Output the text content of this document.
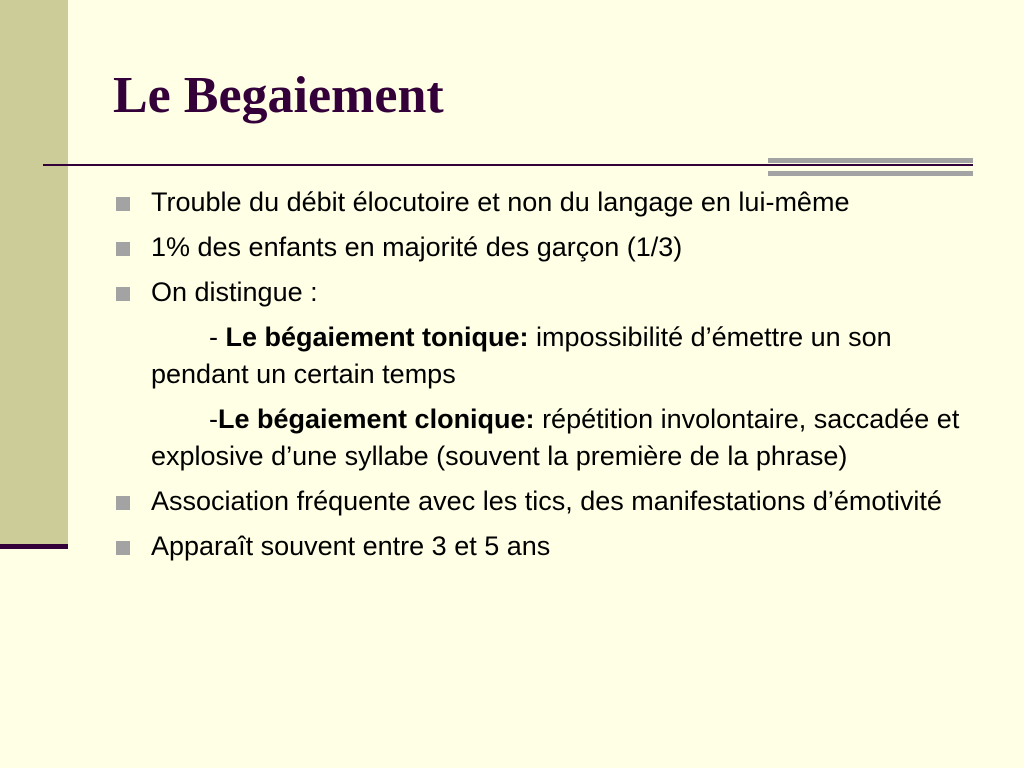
Le Begaiement
Trouble du débit élocutoire et non du langage en lui-même
1% des enfants en majorité des garçon (1/3)
On distingue :
- Le bégaiement tonique: impossibilité d’émettre un son pendant un certain temps
-Le bégaiement clonique: répétition involontaire, saccadée et explosive d’une syllabe (souvent la première de la phrase)
Association fréquente avec les tics, des manifestations d’émotivité
Apparaît souvent entre 3 et 5 ans
